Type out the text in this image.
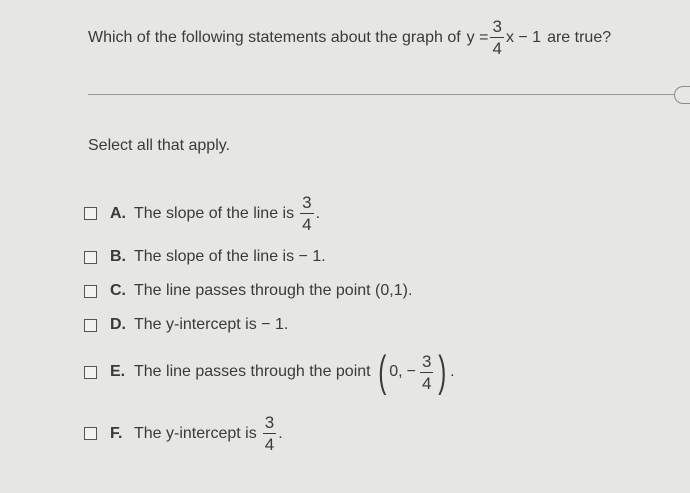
Which of the following statements about the graph of $y = \frac{3}{4}$ x − 1 are true?
Select all that apply.
A. The slope of the line is $\frac{3}{4}$ .
B. The slope of the line is − 1.
C. The line passes through the point (0,1).
D. The y-intercept is − 1.
E. The line passes through the point ( 0, − $\frac{3}{4}$ ) .
F. The y-intercept is $\frac{3}{4}$ .
